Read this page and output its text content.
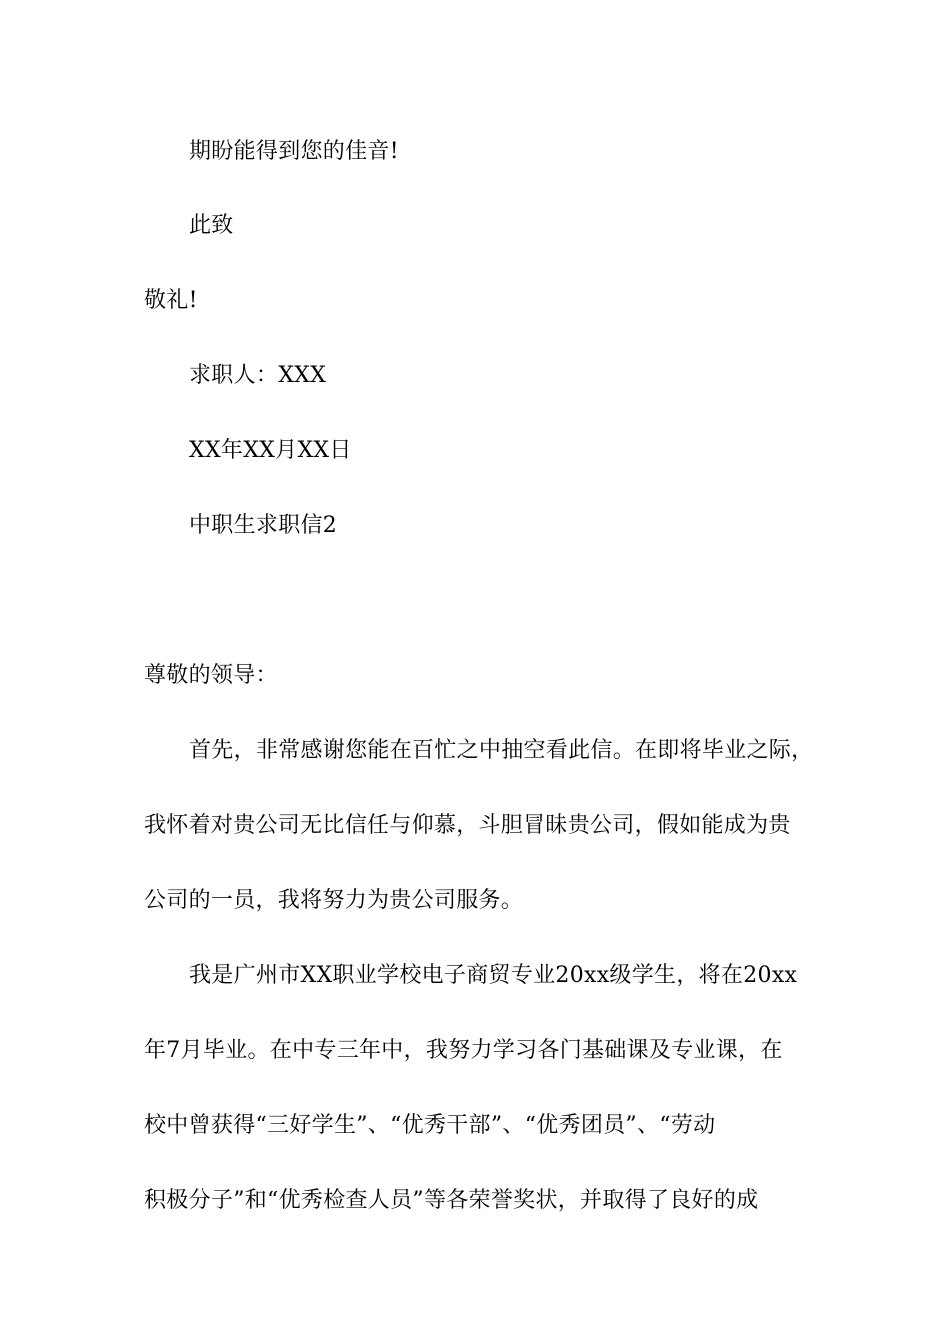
期盼能得到您的佳音!
此致
敬礼!
求职人：XXX
XX年XX月XX日
中职生求职信2
尊敬的领导：
首先，非常感谢您能在百忙之中抽空看此信。在即将毕业之际，
我怀着对贵公司无比信任与仰慕，斗胆冒昧贵公司，假如能成为贵
公司的一员，我将努力为贵公司服务。
我是广州市XX职业学校电子商贸专业20xx级学生，将在20xx
年7月毕业。在中专三年中，我努力学习各门基础课及专业课，在
校中曾获得“三好学生”、“优秀干部”、“优秀团员”、“劳动
积极分子”和“优秀检查人员”等各荣誉奖状，并取得了良好的成
